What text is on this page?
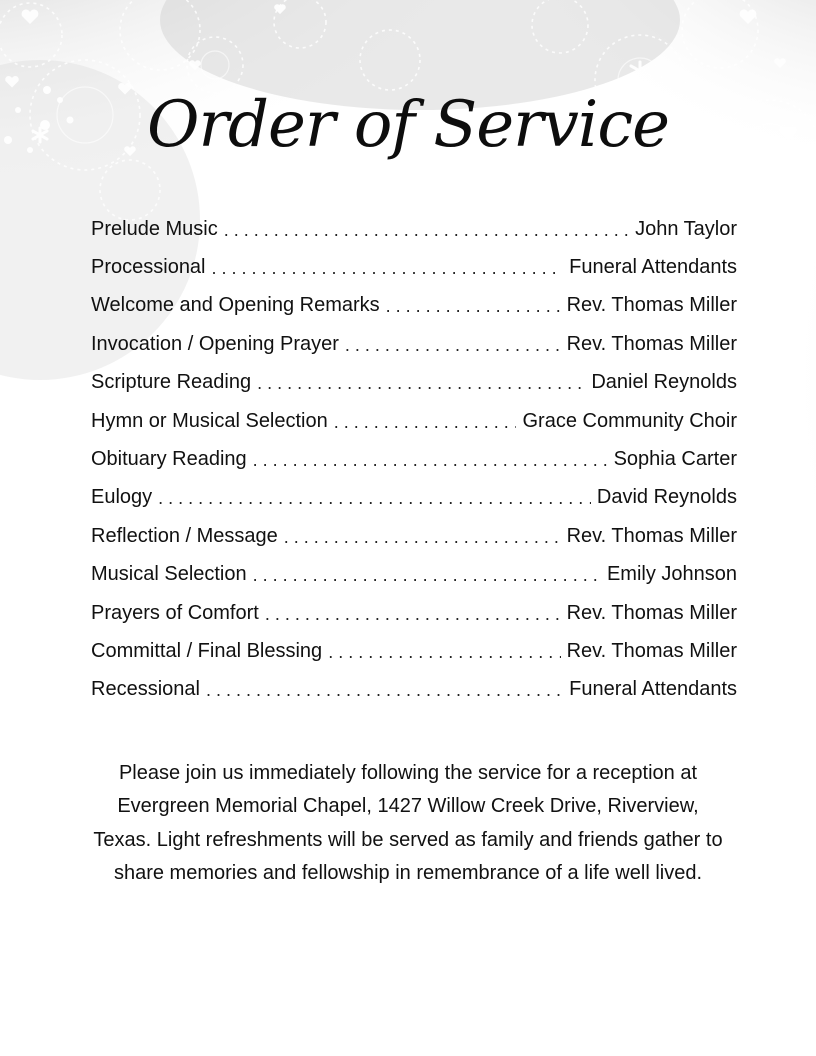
Order of Service
Prelude Music . . .	John Taylor
Processional . . .	Funeral Attendants
Welcome and Opening Remarks . . .	Rev. Thomas Miller
Invocation / Opening Prayer . . .	Rev. Thomas Miller
Scripture Reading . . .	Daniel Reynolds
Hymn or Musical Selection . . .	Grace Community Choir
Obituary Reading . . .	Sophia Carter
Eulogy . . .	David Reynolds
Reflection / Message . . .	Rev. Thomas Miller
Musical Selection . . .	Emily Johnson
Prayers of Comfort . . .	Rev. Thomas Miller
Committal / Final Blessing . . .	Rev. Thomas Miller
Recessional . . .	Funeral Attendants
Please join us immediately following the service for a reception at Evergreen Memorial Chapel, 1427 Willow Creek Drive, Riverview, Texas. Light refreshments will be served as family and friends gather to share memories and fellowship in remembrance of a life well lived.
